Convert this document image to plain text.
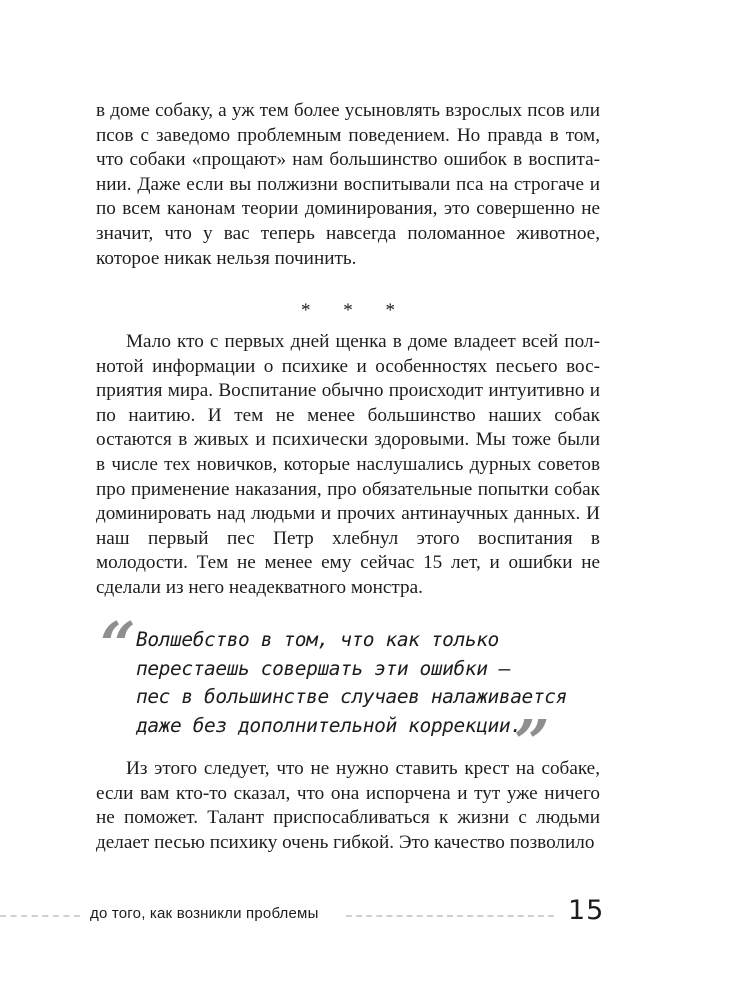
в доме собаку, а уж тем более усыновлять взрослых псов или псов с заведомо проблемным поведением. Но правда в том, что собаки «прощают» нам большинство ошибок в воспитании. Даже если вы полжизни воспитывали пса на строгаче и по всем канонам теории доминирования, это совершенно не значит, что у вас теперь навсегда поломанное животное, которое никак нельзя починить.

* * *

Мало кто с первых дней щенка в доме владеет всей полнотой информации о психике и особенностях песьего восприятия мира. Воспитание обычно происходит интуитивно и по наитию. И тем не менее большинство наших собак остаются в живых и психически здоровыми. Мы тоже были в числе тех новичков, которые наслушались дурных советов про применение наказания, про обязательные попытки собак доминировать над людьми и прочих антинаучных данных. И наш первый пес Петр хлебнул этого воспитания в молодости. Тем не менее ему сейчас 15 лет, и ошибки не сделали из него неадекватного монстра.

“ Волшебство в том, что как только
перестаешь совершать эти ошибки —
пес в большинстве случаев налаживается
даже без дополнительной коррекции.

”

Из этого следует, что не нужно ставить крест на собаке, если вам кто-то сказал, что она испорчена и тут уже ничего не поможет. Талант приспосабливаться к жизни с людьми делает песью психику очень гибкой. Это качество позволило

до того, как возникли проблемы	15
